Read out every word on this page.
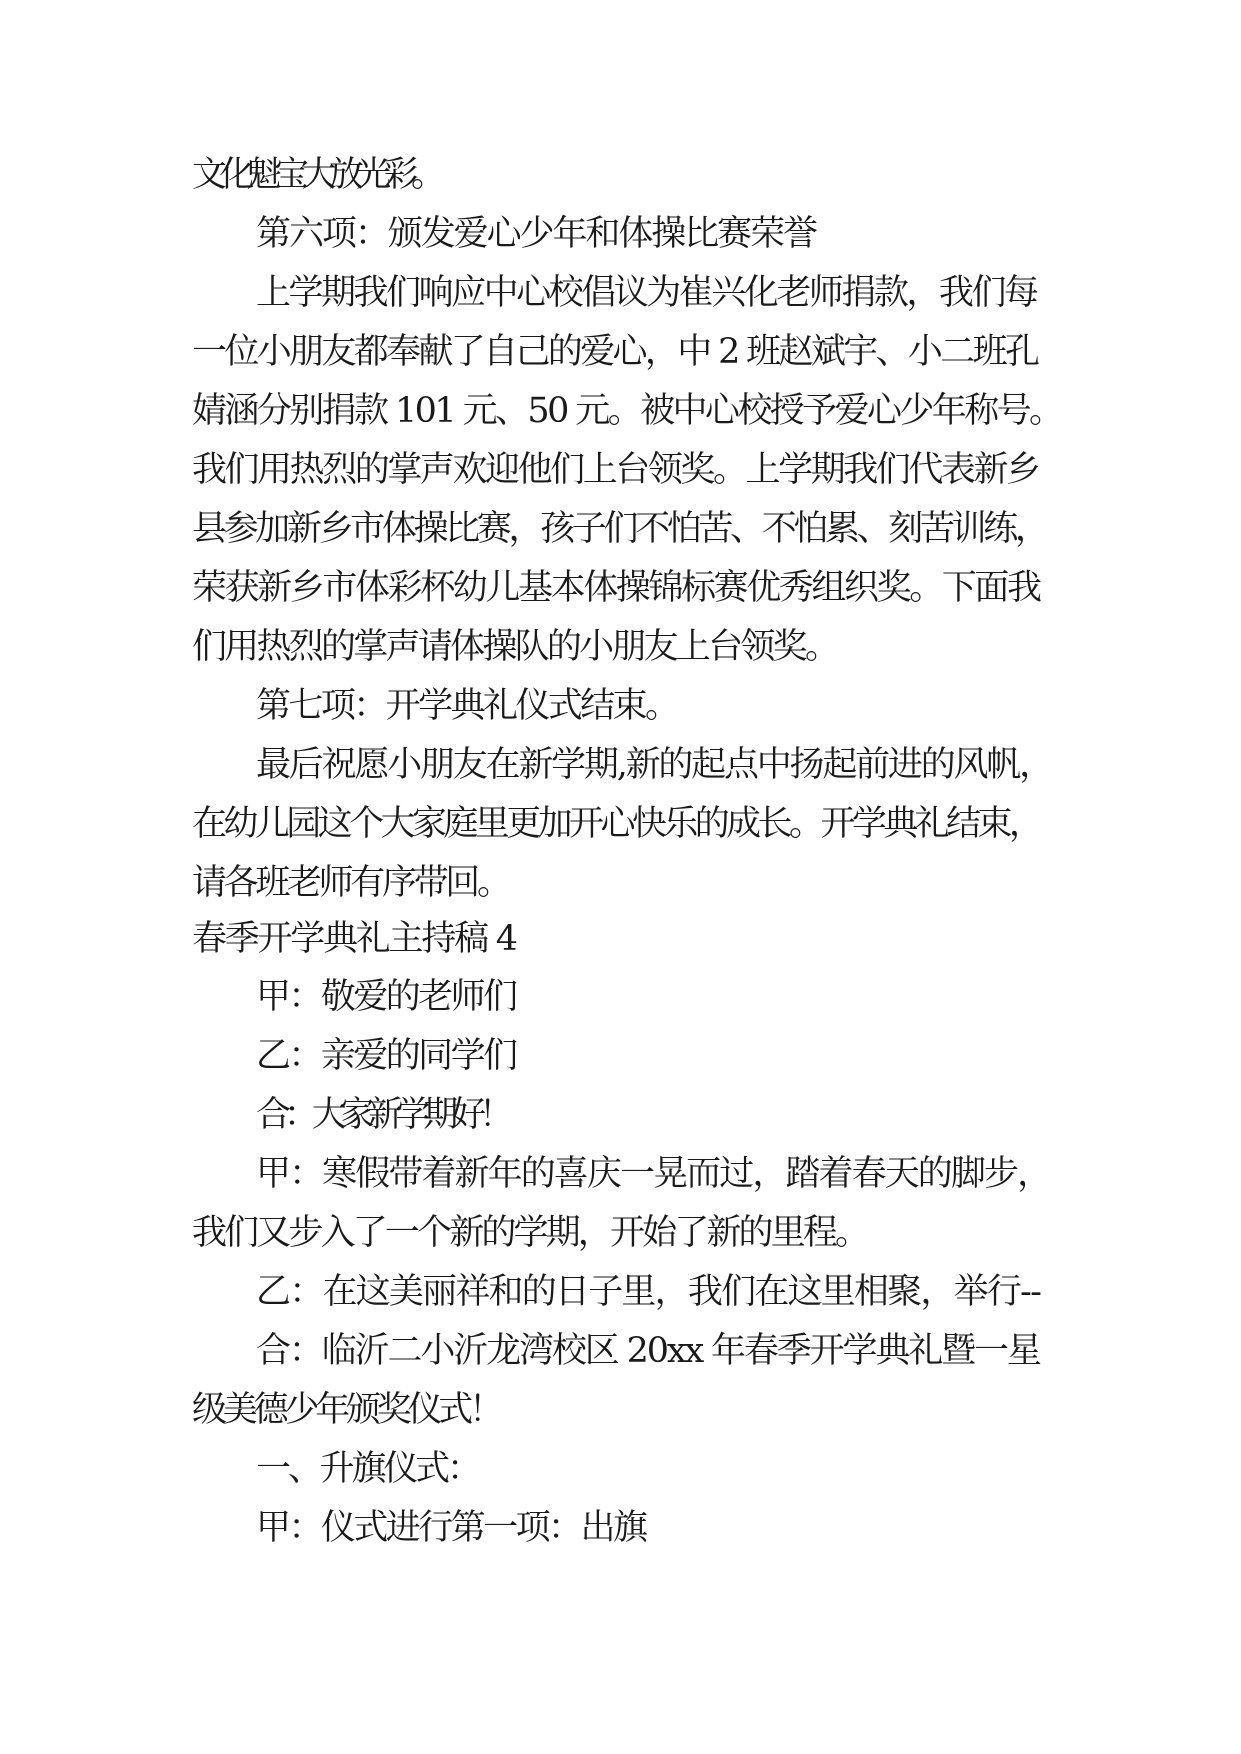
文化魁宝大放光彩。
第六项：颁发爱心少年和体操比赛荣誉
上学期我们响应中心校倡议为崔兴化老师捐款，我们每
一位小朋友都奉献了自己的爱心，中 2 班赵斌宇、小二班孔
婧涵分别捐款 101 元、50 元。被中心校授予爱心少年称号。
我们用热烈的掌声欢迎他们上台领奖。上学期我们代表新乡
县参加新乡市体操比赛，孩子们不怕苦、不怕累、刻苦训练，
荣获新乡市体彩杯幼儿基本体操锦标赛优秀组织奖。下面我
们用热烈的掌声请体操队的小朋友上台领奖。
第七项：开学典礼仪式结束。
最后祝愿小朋友在新学期,新的起点中扬起前进的风帆，
在幼儿园这个大家庭里更加开心快乐的成长。开学典礼结束，
请各班老师有序带回。
春季开学典礼主持稿 4
甲：敬爱的老师们
乙：亲爱的同学们
合：大家新学期好！
甲：寒假带着新年的喜庆一晃而过，踏着春天的脚步，
我们又步入了一个新的学期，开始了新的里程。
乙：在这美丽祥和的日子里，我们在这里相聚，举行--
合：临沂二小沂龙湾校区 20xx 年春季开学典礼暨一星
级美德少年颁奖仪式！
一、升旗仪式：
甲：仪式进行第一项：出旗
